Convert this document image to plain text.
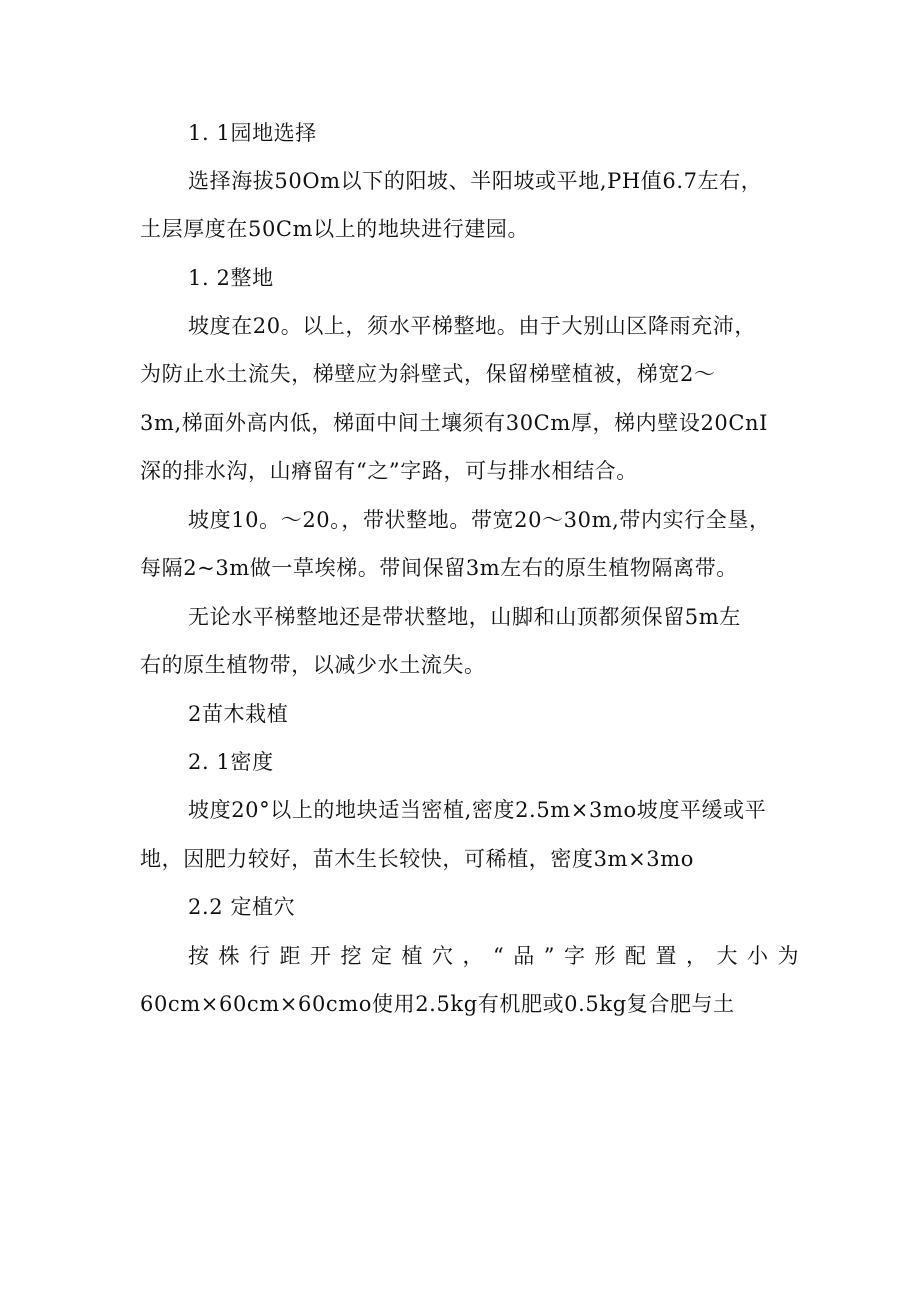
1. 1园地选择
选择海拔50Om以下的阳坡、半阳坡或平地,PH值6.7左右，
土层厚度在50Cm以上的地块进行建园。
1. 2整地
坡度在20。以上，须水平梯整地。由于大别山区降雨充沛，
为防止水土流失，梯壁应为斜壁式，保留梯壁植被，梯宽2～
3m,梯面外高内低，梯面中间土壤须有30Cm厚，梯内壁设20CnI
深的排水沟，山瘠留有“之”字路，可与排水相结合。
坡度10。～20。，带状整地。带宽20～30m,带内实行全垦，
每隔2~3m做一草埃梯。带间保留3m左右的原生植物隔离带。
无论水平梯整地还是带状整地，山脚和山顶都须保留5m左
右的原生植物带，以减少水土流失。
2苗木栽植
2. 1密度
坡度20°以上的地块适当密植,密度2.5m×3mo坡度平缓或平
地，因肥力较好，苗木生长较快，可稀植，密度3m×3mo
2.2 定植穴
按株行距开挖定植穴，“品”字形配置，大小为
60cm×60cm×60cmo使用2.5kg有机肥或0.5kg复合肥与土
